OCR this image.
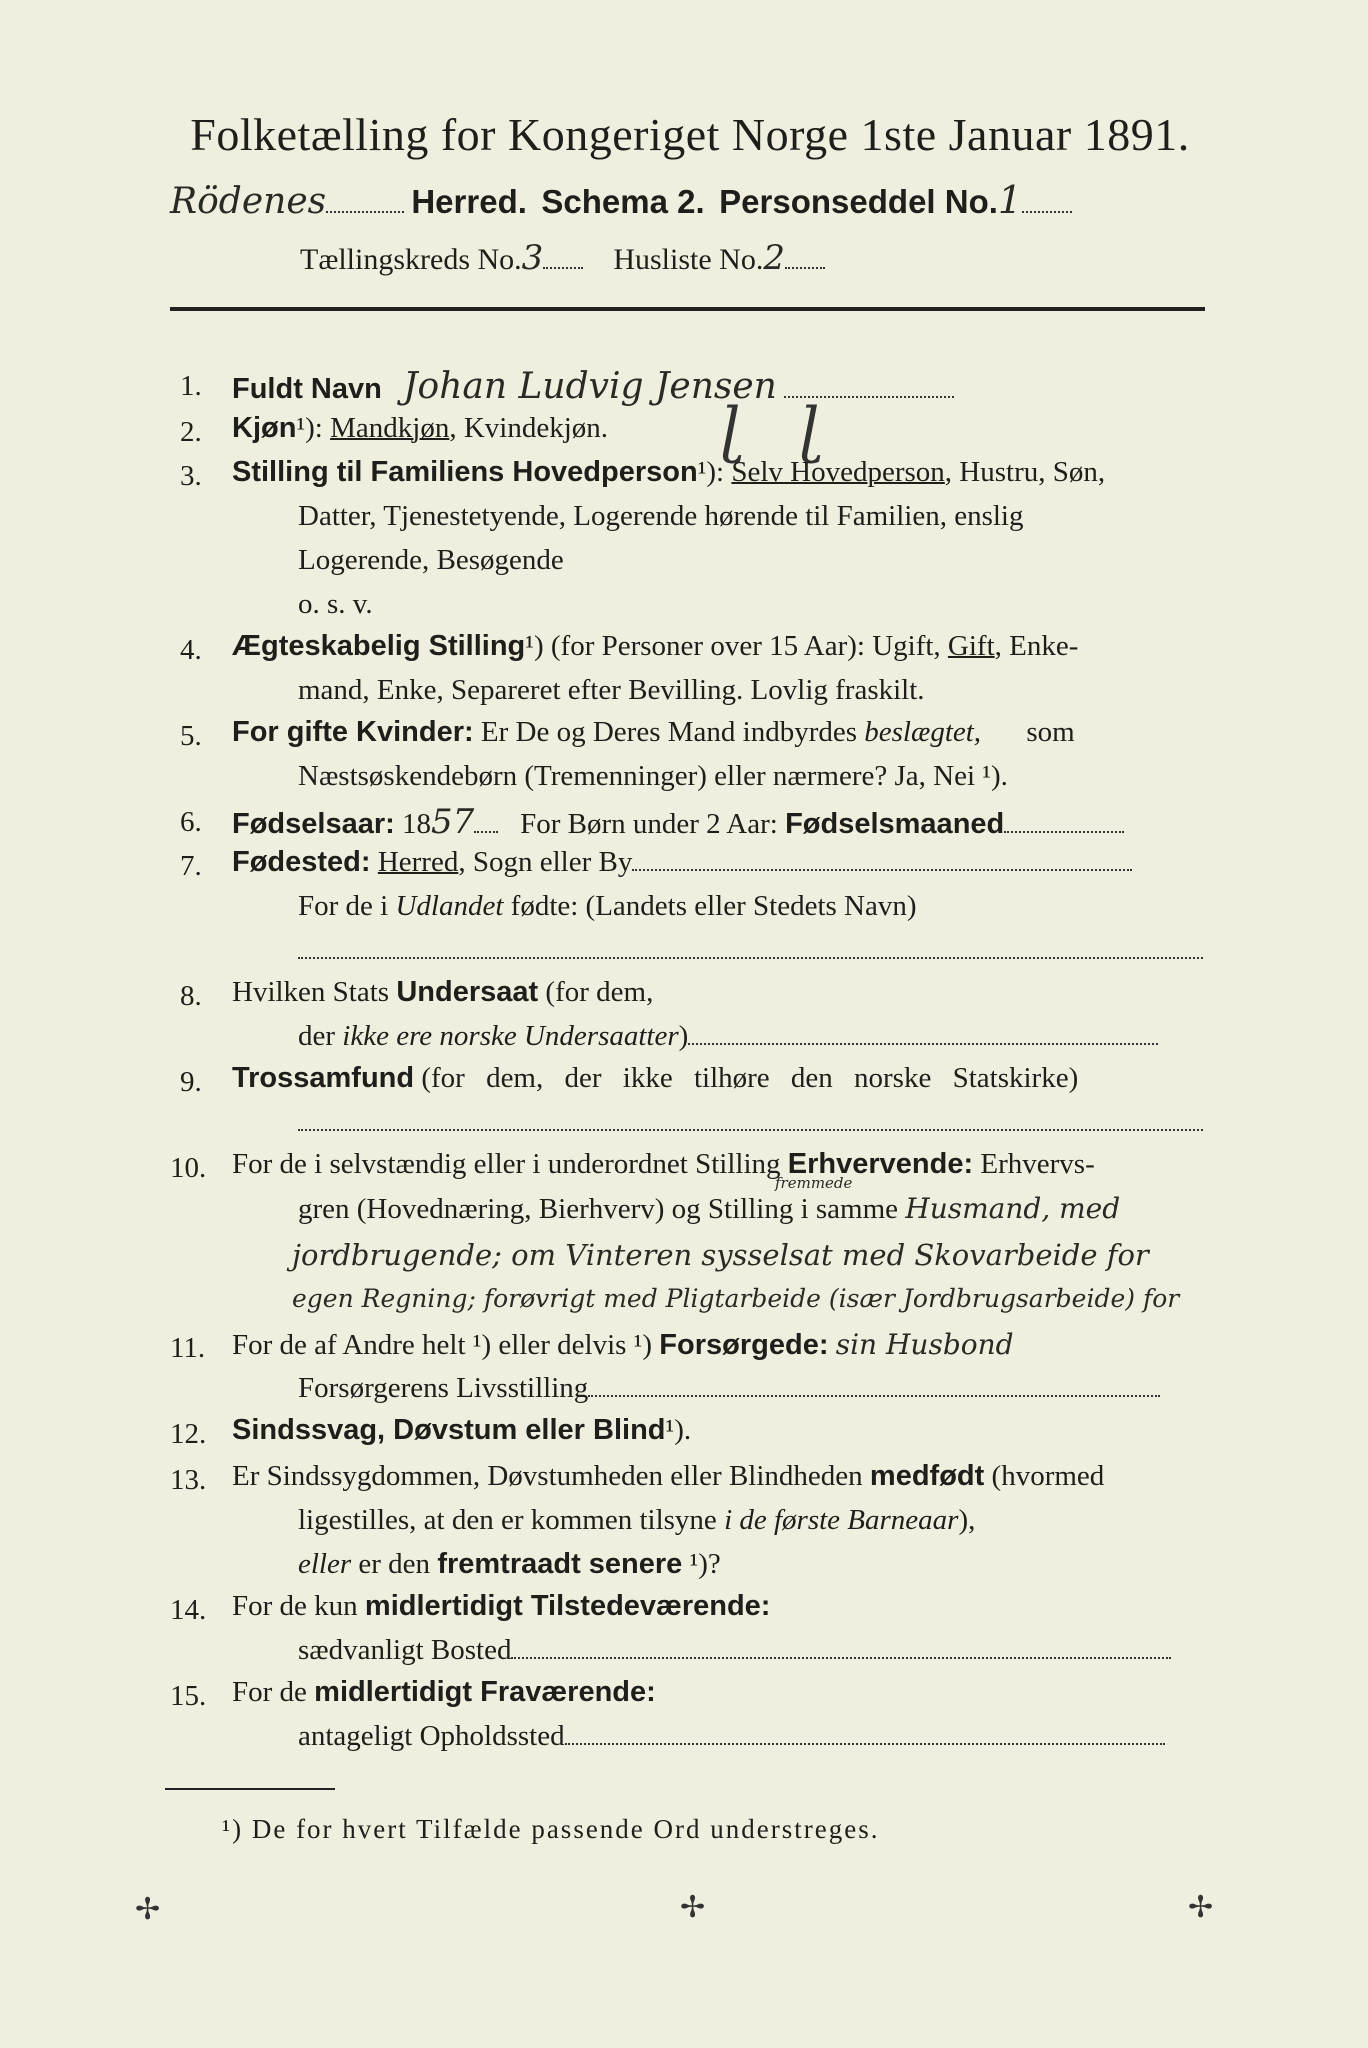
Folketælling for Kongeriget Norge 1ste Januar 1891.
Rödenes	Herred. Schema 2. Personseddel No.1
Tællingskreds No.3 Husliste No.2
1. Fuldt Navn Johan Ludvig Jensen
2. Kjøn¹): Mandkjøn, Kvindekjøn. ɭ   ɭ
3. Stilling til Familiens Hovedperson¹): Selv Hovedperson, Hustru, Søn,
Datter, Tjenestetyende, Logerende hørende til Familien, enslig
Logerende, Besøgende
o. s. v.
4. Ægteskabelig Stilling¹) (for Personer over 15 Aar): Ugift, Gift, Enke-
mand, Enke, Separeret efter Bevilling. Lovlig fraskilt.
5. For gifte Kvinder: Er De og Deres Mand indbyrdes beslægtet, som
Næstsøskendebørn (Tremenninger) eller nærmere? Ja, Nei ¹).
6. Fødselsaar: 1857 For Børn under 2 Aar: Fødselsmaaned
7. Fødested: Herred, Sogn eller By
For de i Udlandet fødte: (Landets eller Stedets Navn)
8. Hvilken Stats Undersaat (for dem,
der ikke ere norske Undersaatter)
9. Trossamfund (for dem, der ikke tilhøre den norske Statskirke)
10. For de i selvstændig eller i underordnet Stilling Erhvervende: Erhvervs-
gren (Hovednæring, Bierhverv) og Stilling i samme Husmand, med
fremmede
jordbrugende; om Vinteren sysselsat med Skovarbeide for
egen Regning; forøvrigt med Pligtarbeide (især Jordbrugsarbeide) for
11. For de af Andre helt ¹) eller delvis ¹) Forsørgede: sin Husbond
Forsørgerens Livsstilling
12. Sindssvag, Døvstum eller Blind¹).
13. Er Sindssygdommen, Døvstumheden eller Blindheden medfødt (hvormed
ligestilles, at den er kommen tilsyne i de første Barneaar),
eller er den fremtraadt senere ¹)?
14. For de kun midlertidigt Tilstedeværende:
sædvanligt Bosted
15. For de midlertidigt Fraværende:
antageligt Opholdssted
¹) De for hvert Tilfælde passende Ord understreges.
✢	✢	✢
